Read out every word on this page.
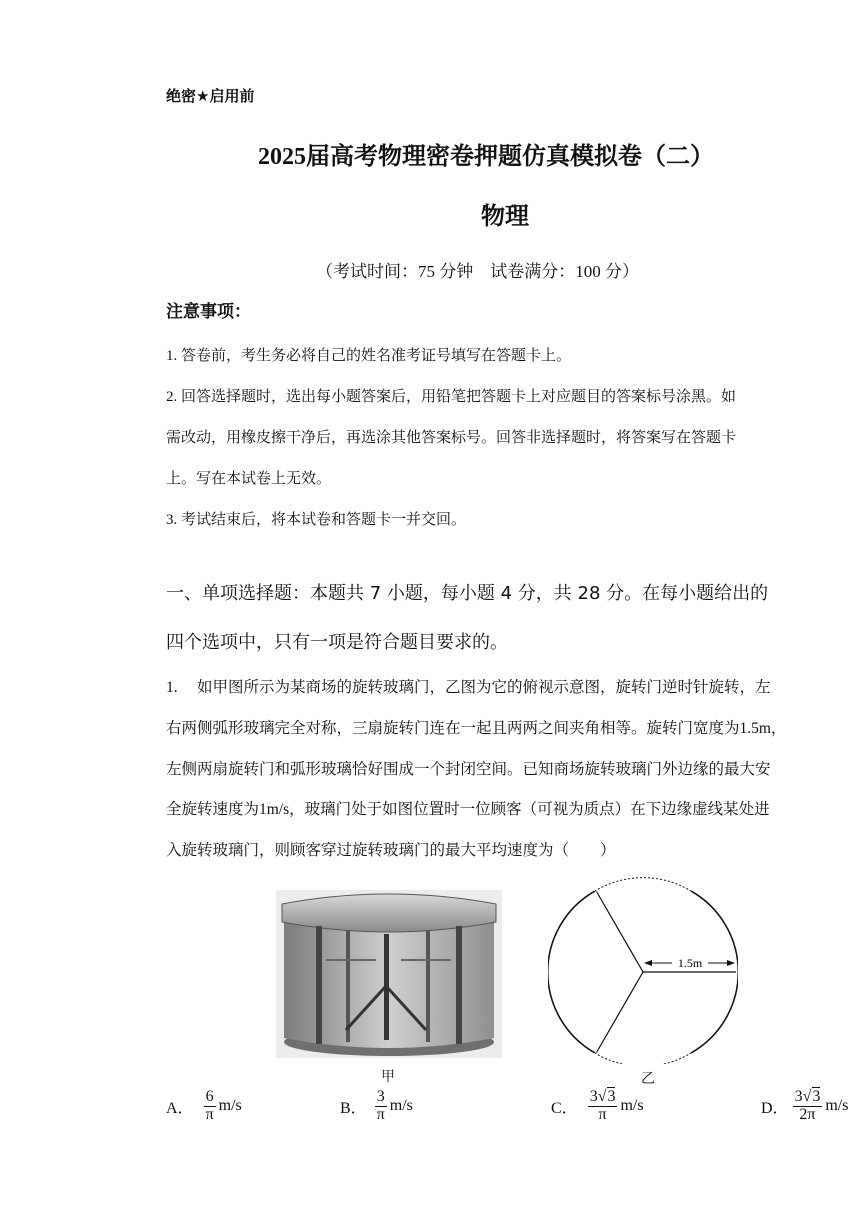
绝密★启用前
2025届高考物理密卷押题仿真模拟卷（二）
物理
（考试时间：75 分钟　试卷满分：100 分）
注意事项：
1. 答卷前，考生务必将自己的姓名准考证号填写在答题卡上。
2. 回答选择题时，选出每小题答案后，用铅笔把答题卡上对应题目的答案标号涂黑。如
需改动，用橡皮擦干净后，再选涂其他答案标号。回答非选择题时，将答案写在答题卡
上。写在本试卷上无效。
3. 考试结束后，将本试卷和答题卡一并交回。
一、单项选择题：本题共 7 小题，每小题 4 分，共 28 分。在每小题给出的
四个选项中，只有一项是符合题目要求的。
1.　 如甲图所示为某商场的旋转玻璃门，乙图为它的俯视示意图，旋转门逆时针旋转，左
右两侧弧形玻璃完全对称，三扇旋转门连在一起且两两之间夹角相等。旋转门宽度为1.5m，
左侧两扇旋转门和弧形玻璃恰好围成一个封闭空间。已知商场旋转玻璃门外边缘的最大安
全旋转速度为1m/s，玻璃门处于如图位置时一位顾客（可视为质点）在下边缘虚线某处进
入旋转玻璃门，则顾客穿过旋转玻璃门的最大平均速度为（　　）
甲
1.5m
乙
A． $\frac{6}{\pi} m/s$	B． $\frac{3}{\pi} m/s$	C． $\frac{3√3}{\pi} m/s$	D． $\frac{3√3}{2\pi} m/s$
